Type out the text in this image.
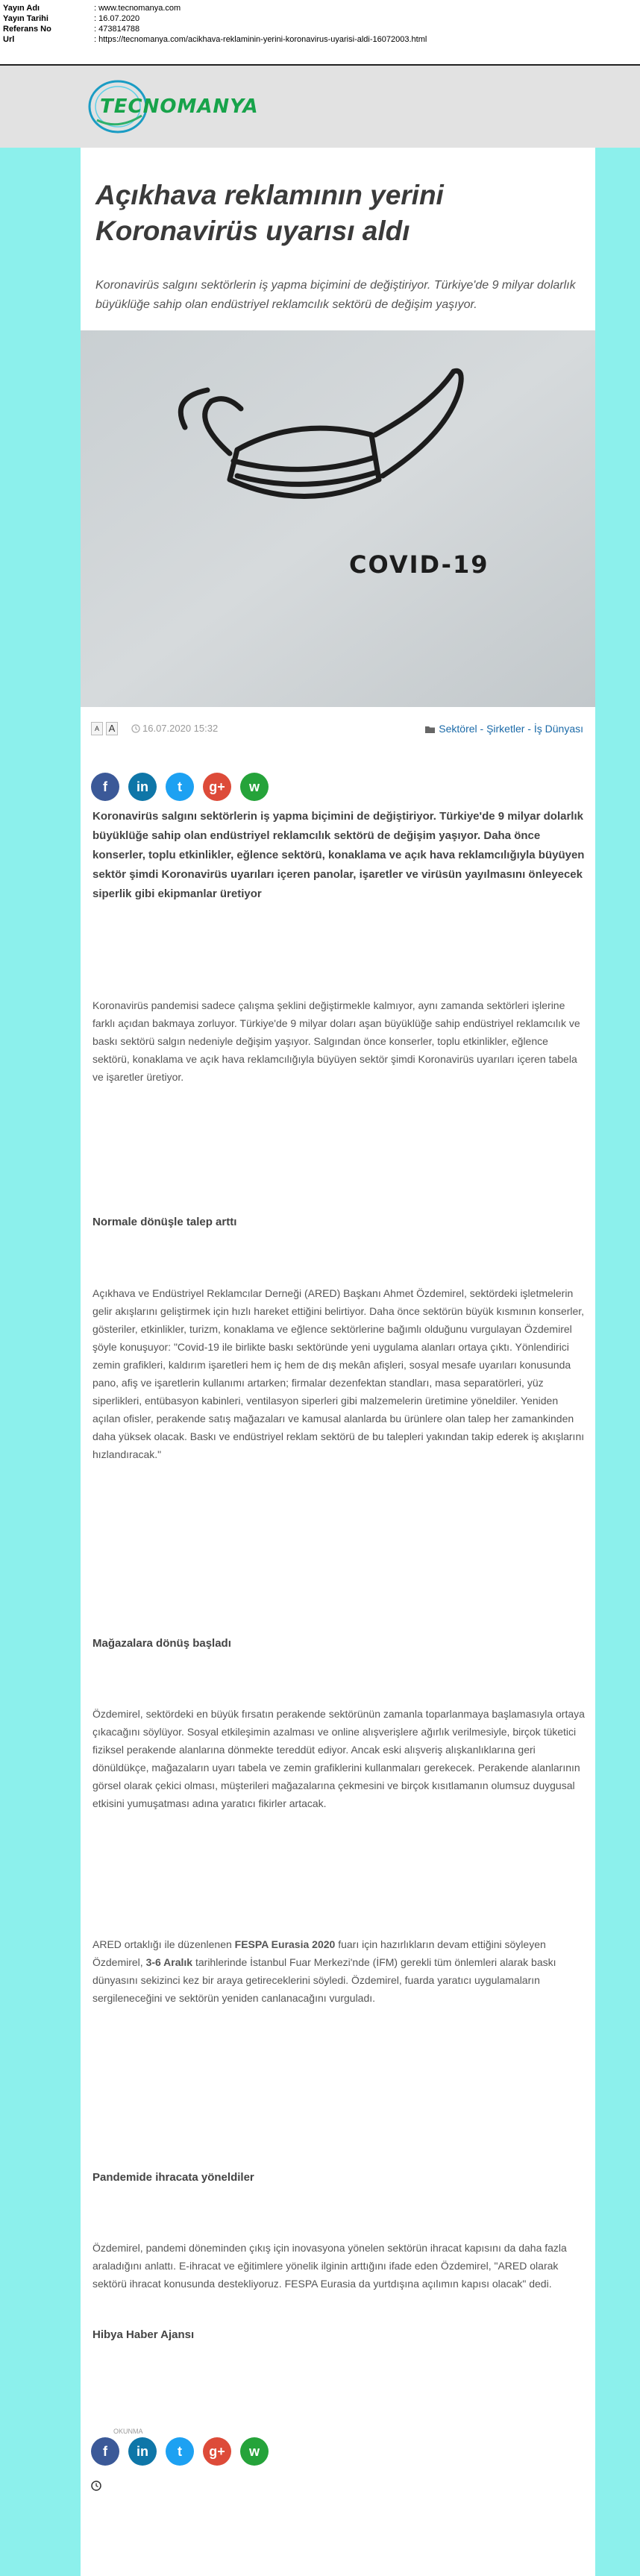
Yayın Adı	: www.tecnomanya.com
Yayın Tarihi	: 16.07.2020
Referans No	: 473814788
Url	: https://tecnomanya.com/acikhava-reklaminin-yerini-koronavirus-uyarisi-aldi-16072003.html
TECNOMANYA
Açıkhava reklamının yerini Koronavirüs uyarısı aldı
Koronavirüs salgını sektörlerin iş yapma biçimini de değiştiriyor. Türkiye'de 9 milyar dolarlık büyüklüğe sahip olan endüstriyel reklamcılık sektörü de değişim yaşıyor.
COVID-19
A A	16.07.2020 15:32	Sektörel - Şirketler - İş Dünyası
f	in	t	g+	w
Koronavirüs salgını sektörlerin iş yapma biçimini de değiştiriyor. Türkiye'de 9 milyar dolarlık büyüklüğe sahip olan endüstriyel reklamcılık sektörü de değişim yaşıyor. Daha önce konserler, toplu etkinlikler, eğlence sektörü, konaklama ve açık hava reklamcılığıyla büyüyen sektör şimdi Koronavirüs uyarıları içeren panolar, işaretler ve virüsün yayılmasını önleyecek siperlik gibi ekipmanlar üretiyor
Koronavirüs pandemisi sadece çalışma şeklini değiştirmekle kalmıyor, aynı zamanda sektörleri işlerine farklı açıdan bakmaya zorluyor. Türkiye'de 9 milyar doları aşan büyüklüğe sahip endüstriyel reklamcılık ve baskı sektörü salgın nedeniyle değişim yaşıyor. Salgından önce konserler, toplu etkinlikler, eğlence sektörü, konaklama ve açık hava reklamcılığıyla büyüyen sektör şimdi Koronavirüs uyarıları içeren tabela ve işaretler üretiyor.
Normale dönüşle talep arttı
Açıkhava ve Endüstriyel Reklamcılar Derneği (ARED) Başkanı Ahmet Özdemirel, sektördeki işletmelerin gelir akışlarını geliştirmek için hızlı hareket ettiğini belirtiyor. Daha önce sektörün büyük kısmının konserler, gösteriler, etkinlikler, turizm, konaklama ve eğlence sektörlerine bağımlı olduğunu vurgulayan Özdemirel şöyle konuşuyor: "Covid-19 ile birlikte baskı sektöründe yeni uygulama alanları ortaya çıktı. Yönlendirici zemin grafikleri, kaldırım işaretleri hem iç hem de dış mekân afişleri, sosyal mesafe uyarıları konusunda pano, afiş ve işaretlerin kullanımı artarken; firmalar dezenfektan standları, masa separatörleri, yüz siperlikleri, entübasyon kabinleri, ventilasyon siperleri gibi malzemelerin üretimine yöneldiler. Yeniden açılan ofisler, perakende satış mağazaları ve kamusal alanlarda bu ürünlere olan talep her zamankinden daha yüksek olacak. Baskı ve endüstriyel reklam sektörü de bu talepleri yakından takip ederek iş akışlarını hızlandıracak."
Mağazalara dönüş başladı
Özdemirel, sektördeki en büyük fırsatın perakende sektörünün zamanla toparlanmaya başlamasıyla ortaya çıkacağını söylüyor. Sosyal etkileşimin azalması ve online alışverişlere ağırlık verilmesiyle, birçok tüketici fiziksel perakende alanlarına dönmekte tereddüt ediyor. Ancak eski alışveriş alışkanlıklarına geri dönüldükçe, mağazaların uyarı tabela ve zemin grafiklerini kullanmaları gerekecek. Perakende alanlarının görsel olarak çekici olması, müşterileri mağazalarına çekmesini ve birçok kısıtlamanın olumsuz duygusal etkisini yumuşatması adına yaratıcı fikirler artacak.
ARED ortaklığı ile düzenlenen FESPA Eurasia 2020 fuarı için hazırlıkların devam ettiğini söyleyen Özdemirel, 3-6 Aralık tarihlerinde İstanbul Fuar Merkezi'nde (İFM) gerekli tüm önlemleri alarak baskı dünyasını sekizinci kez bir araya getireceklerini söyledi. Özdemirel, fuarda yaratıcı uygulamaların sergileneceğini ve sektörün yeniden canlanacağını vurguladı.
Pandemide ihracata yöneldiler
Özdemirel, pandemi döneminden çıkış için inovasyona yönelen sektörün ihracat kapısını da daha fazla araladığını anlattı. E-ihracat ve eğitimlere yönelik ilginin arttığını ifade eden Özdemirel, "ARED olarak sektörü ihracat konusunda destekliyoruz. FESPA Eurasia da yurtdışına açılımın kapısı olacak" dedi.
Hibya Haber Ajansı
OKUNMA
f	in	t	g+	w
